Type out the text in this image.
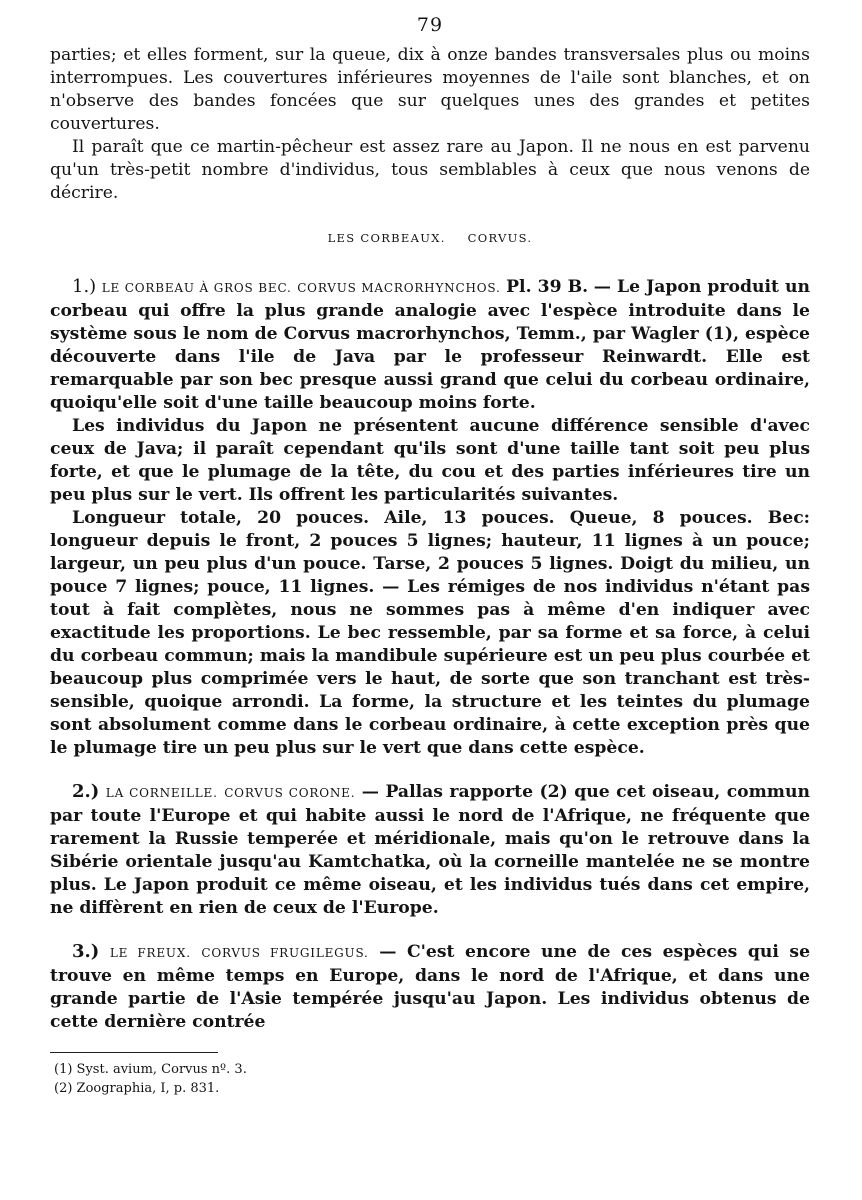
79

parties; et elles forment, sur la queue, dix à onze bandes transversales plus ou moins interrompues. Les couvertures inférieures moyennes de l'aile sont blanches, et on n'observe des bandes foncées que sur quelques unes des grandes et petites couvertures.

Il paraît que ce martin-pêcheur est assez rare au Japon. Il ne nous en est parvenu qu'un très-petit nombre d'individus, tous semblables à ceux que nous venons de décrire.

LES CORBEAUX. CORVUS.

1.) LE CORBEAU À GROS BEC. CORVUS MACRORHYNCHOS. Pl. 39 B. — Le Japon produit un corbeau qui offre la plus grande analogie avec l'espèce introduite dans le système sous le nom de Corvus macrorhynchos, Temm., par Wagler (1), espèce découverte dans l'ile de Java par le professeur Reinwardt. Elle est remarquable par son bec presque aussi grand que celui du corbeau ordinaire, quoiqu'elle soit d'une taille beaucoup moins forte.

Les individus du Japon ne présentent aucune différence sensible d'avec ceux de Java; il paraît cependant qu'ils sont d'une taille tant soit peu plus forte, et que le plumage de la tête, du cou et des parties inférieures tire un peu plus sur le vert. Ils offrent les particularités suivantes.

Longueur totale, 20 pouces. Aile, 13 pouces. Queue, 8 pouces. Bec: longueur depuis le front, 2 pouces 5 lignes; hauteur, 11 lignes à un pouce; largeur, un peu plus d'un pouce. Tarse, 2 pouces 5 lignes. Doigt du milieu, un pouce 7 lignes; pouce, 11 lignes. — Les rémiges de nos individus n'étant pas tout à fait complètes, nous ne sommes pas à même d'en indiquer avec exactitude les proportions. Le bec ressemble, par sa forme et sa force, à celui du corbeau commun; mais la mandibule supérieure est un peu plus courbée et beaucoup plus comprimée vers le haut, de sorte que son tranchant est très-sensible, quoique arrondi. La forme, la structure et les teintes du plumage sont absolument comme dans le corbeau ordinaire, à cette exception près que le plumage tire un peu plus sur le vert que dans cette espèce.

2.) LA CORNEILLE. CORVUS CORONE. — Pallas rapporte (2) que cet oiseau, commun par toute l'Europe et qui habite aussi le nord de l'Afrique, ne fréquente que rarement la Russie temperée et méridionale, mais qu'on le retrouve dans la Sibérie orientale jusqu'au Kamtchatka, où la corneille mantelée ne se montre plus. Le Japon produit ce même oiseau, et les individus tués dans cet empire, ne diffèrent en rien de ceux de l'Europe.

3.) LE FREUX. CORVUS FRUGILEGUS. — C'est encore une de ces espèces qui se trouve en même temps en Europe, dans le nord de l'Afrique, et dans une grande partie de l'Asie tempérée jusqu'au Japon. Les individus obtenus de cette dernière contrée

(1) Syst. avium, Corvus nº. 3.
(2) Zoographia, I, p. 831.
